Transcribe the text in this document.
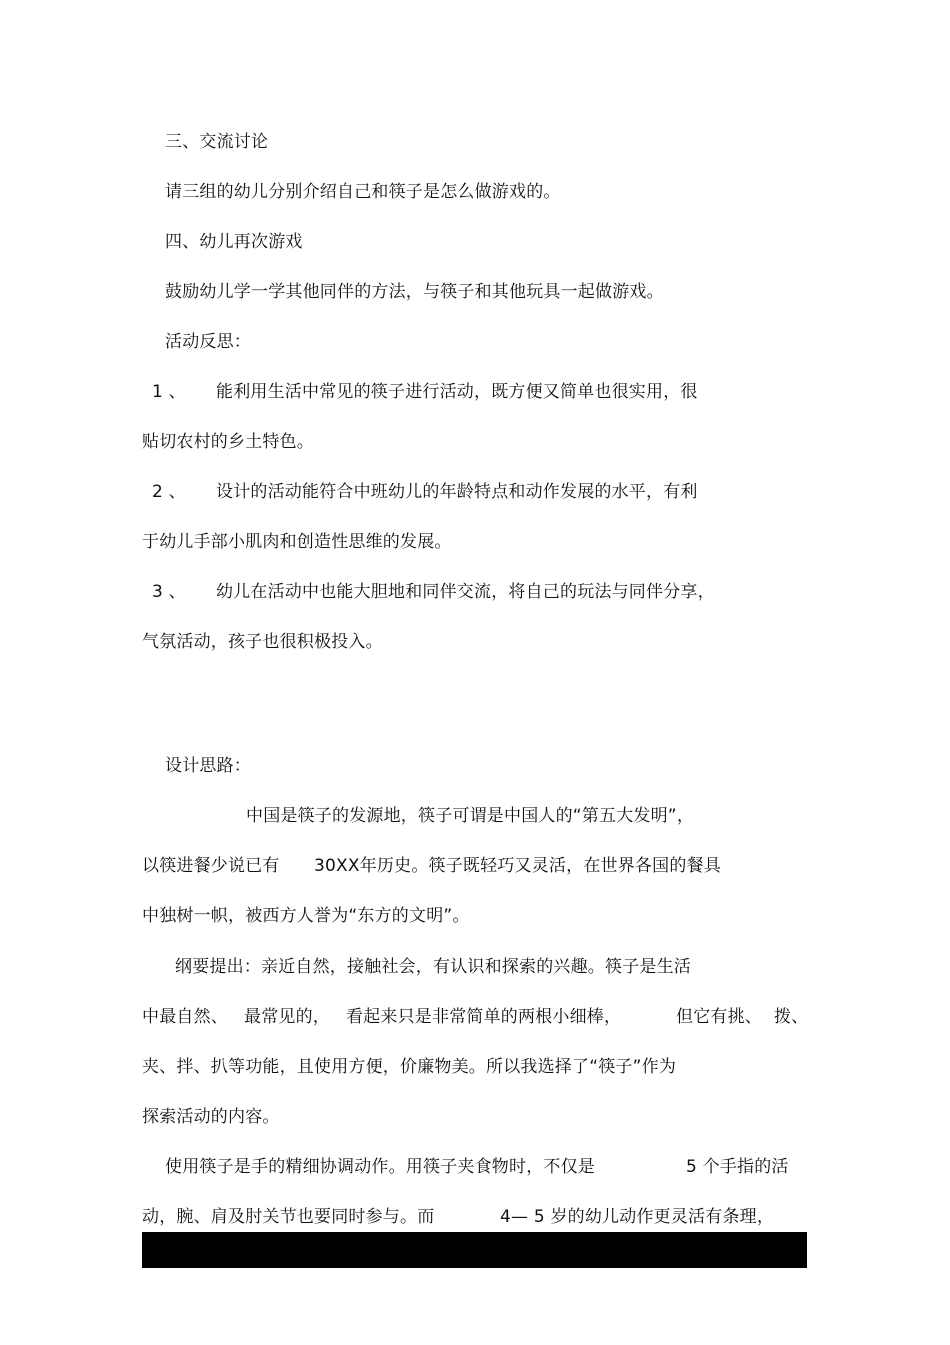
三、交流讨论
请三组的幼儿分别介绍自己和筷子是怎么做游戏的。
四、幼儿再次游戏
鼓励幼儿学一学其他同伴的方法，与筷子和其他玩具一起做游戏。
活动反思：
1 、 能利用生活中常见的筷子进行活动，既方便又简单也很实用，很
贴切农村的乡土特色。
2 、 设计的活动能符合中班幼儿的年龄特点和动作发展的水平，有利
于幼儿手部小肌肉和创造性思维的发展。
3 、 幼儿在活动中也能大胆地和同伴交流，将自己的玩法与同伴分享，
气氛活动，孩子也很积极投入。
设计思路：
中国是筷子的发源地，筷子可谓是中国人的“第五大发明”，
以筷进餐少说已有 30XX年历史。筷子既轻巧又灵活，在世界各国的餐具
中独树一帜，被西方人誉为“东方的文明”。
纲要提出：亲近自然，接触社会，有认识和探索的兴趣。筷子是生活
中最自然、 最常见的， 看起来只是非常简单的两根小细棒，	但它有挑、 拨、
夹、拌、扒等功能，且使用方便，价廉物美。所以我选择了“筷子”作为
探索活动的内容。
使用筷子是手的精细协调动作。用筷子夹食物时，不仅是	5 个手指的活
动，腕、肩及肘关节也要同时参与。而	4— 5 岁的幼儿动作更灵活有条理，
